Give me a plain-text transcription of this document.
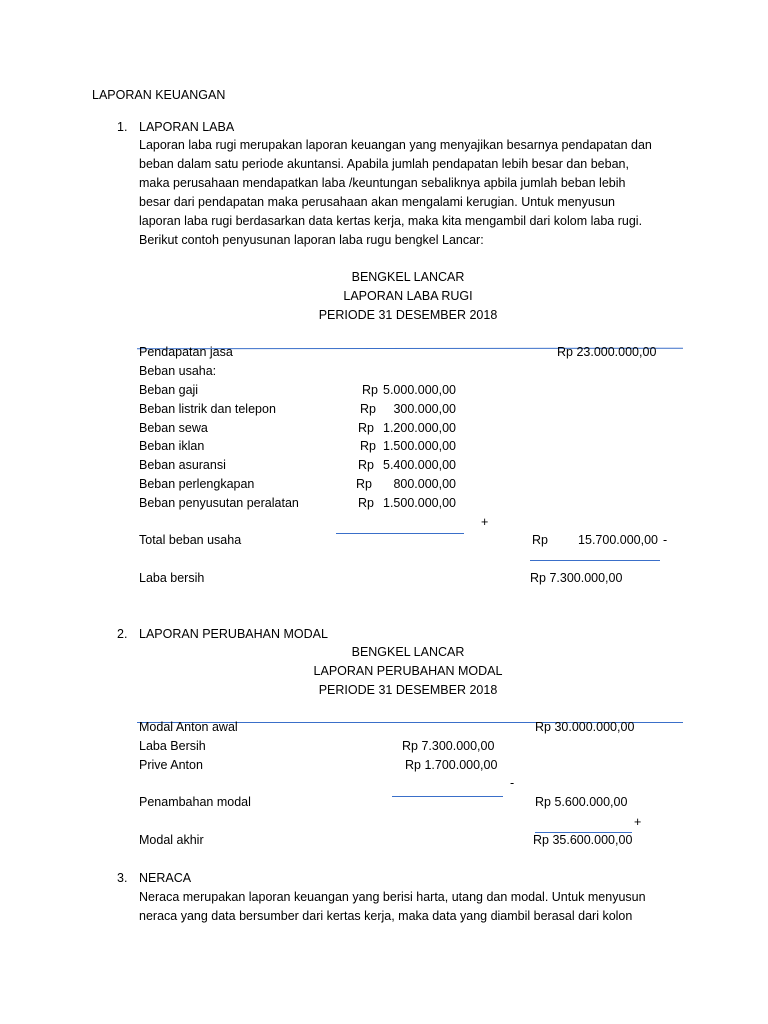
LAPORAN KEUANGAN
1. LAPORAN LABA
Laporan laba rugi merupakan laporan keuangan yang menyajikan besarnya pendapatan dan
beban dalam satu periode akuntansi. Apabila jumlah pendapatan lebih besar dan beban,
maka perusahaan mendapatkan laba /keuntungan sebaliknya apbila jumlah beban lebih
besar dari pendapatan maka perusahaan akan mengalami kerugian. Untuk menyusun
laporan laba rugi berdasarkan data kertas kerja, maka kita mengambil dari kolom laba rugi.
Berikut contoh penyusunan laporan laba rugu bengkel Lancar:
BENGKEL LANCAR
LAPORAN LABA RUGI
PERIODE 31 DESEMBER 2018
Pendapatan jasa	Rp 23.000.000,00
Beban usaha:
Beban gaji	Rp 5.000.000,00
Beban listrik dan telepon	Rp	300.000,00
Beban sewa	Rp 1.200.000,00
Beban iklan	Rp 1.500.000,00
Beban asuransi	Rp 5.400.000,00
Beban perlengkapan	Rp	800.000,00
Beban penyusutan peralatan	Rp 1.500.000,00
+
Total beban usaha	Rp	15.700.000,00 -
Laba bersih	Rp 7.300.000,00
2. LAPORAN PERUBAHAN MODAL
BENGKEL LANCAR
LAPORAN PERUBAHAN MODAL
PERIODE 31 DESEMBER 2018
Modal Anton awal	Rp 30.000.000,00
Laba Bersih	Rp 7.300.000,00
Prive Anton	Rp 1.700.000,00
-
Penambahan modal	Rp 5.600.000,00
+
Modal akhir	Rp 35.600.000,00
3. NERACA
Neraca merupakan laporan keuangan yang berisi harta, utang dan modal. Untuk menyusun
neraca yang data bersumber dari kertas kerja, maka data yang diambil berasal dari kolon
